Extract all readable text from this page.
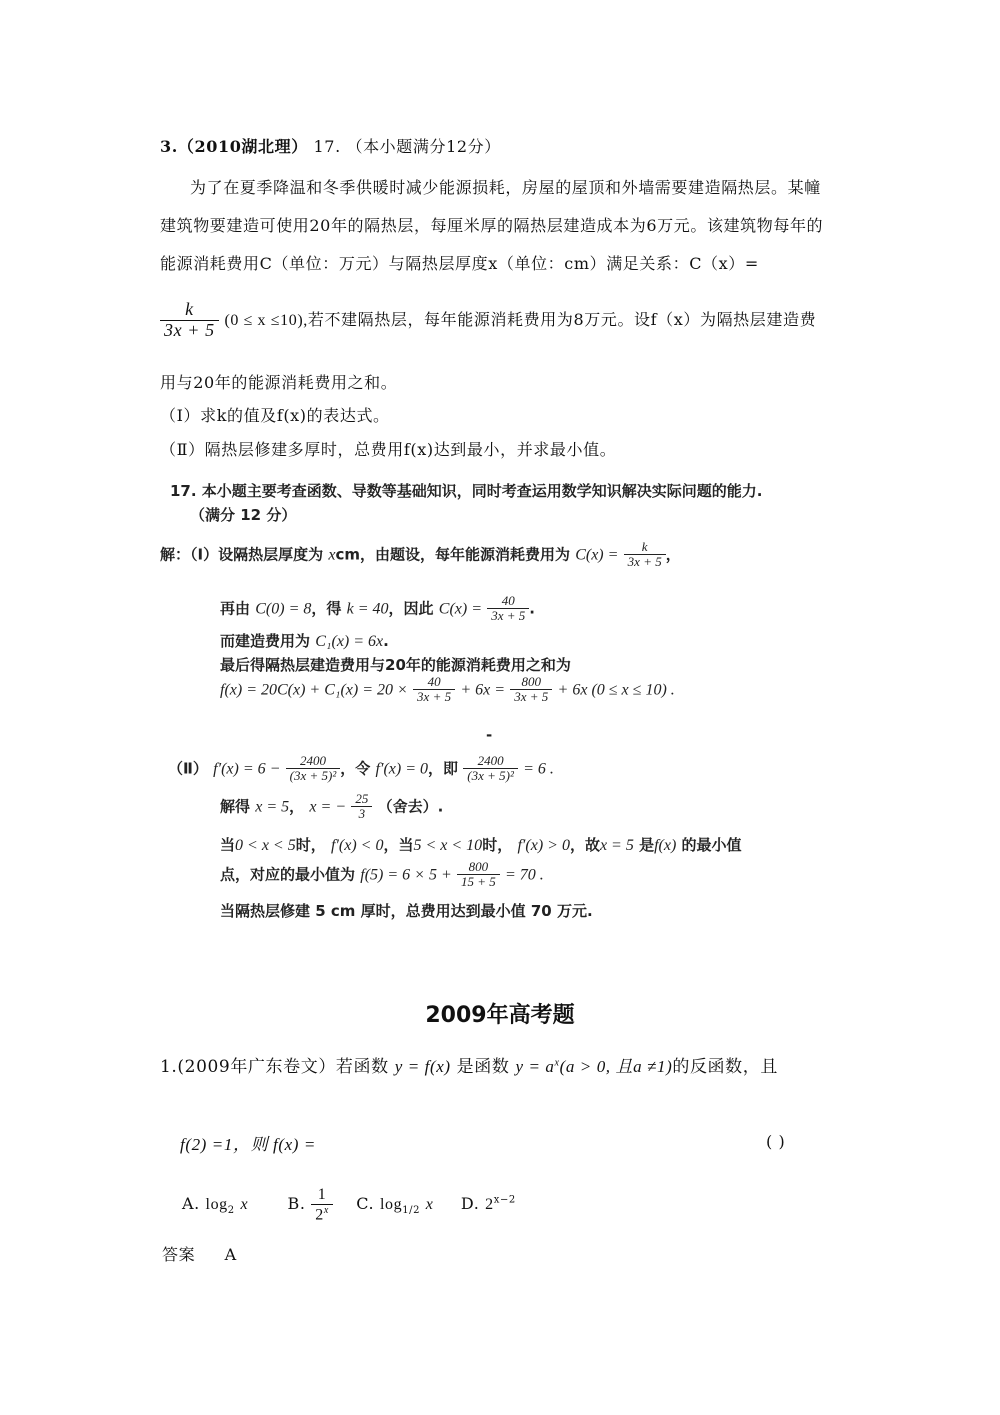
3.（2010湖北理） 17. （本小题满分12分）
为了在夏季降温和冬季供暖时减少能源损耗，房屋的屋顶和外墙需要建造隔热层。某幢
建筑物要建造可使用20年的隔热层，每厘米厚的隔热层建造成本为6万元。该建筑物每年的
能源消耗费用C（单位：万元）与隔热层厚度x（单位：cm）满足关系：C（x）=
$\frac{k}{3x + 5} (0 \le x \le 10)$,若不建隔热层，每年能源消耗费用为8万元。设f（x）为隔热层建造费
用与20年的能源消耗费用之和。
（Ⅰ）求k的值及f(x)的表达式。
（Ⅱ）隔热层修建多厚时，总费用f(x)达到最小，并求最小值。
17. 本小题主要考查函数、导数等基础知识，同时考查运用数学知识解决实际问题的能力.
（满分 12 分）
解：（Ⅰ）设隔热层厚度为 xcm，由题设，每年能源消耗费用为 $C(x) = \frac{k}{3x + 5}$ ，
再由 C(0) = 8，得 k = 40，因此 $C(x) = \frac{40}{3x + 5}$ .
而建造费用为 C₁(x) = 6x.
最后得隔热层建造费用与20年的能源消耗费用之和为
$f(x) = 20C(x) + C_1(x) = 20 \times \frac{40}{3x + 5} + 6x = \frac{800}{3x + 5} + 6x$ (0 ≤ x ≤ 10) .
-
（Ⅱ） $f'(x) = 6 - \frac{2400}{\text{(3x + 5)²}}$ ，令 f′(x) = 0，即 $\frac{2400}{\text{(3x + 5)²}} = 6$ .
解得 x = 5， x = − $\frac{25}{3}$ （舍去）.
当0 < x < 5时， f′(x) < 0，当5 < x < 10时， f′(x) > 0，故x = 5 是f(x) 的最小值
点，对应的最小值为 $f(5) = 6 \times 5 + \frac{800}{15 + 5} = 70$ .
当隔热层修建 5 cm 厚时，总费用达到最小值 70 万元.
2009年高考题
1.(2009年广东卷文）若函数 y = f(x) 是函数 $y = a^x(a > 0$, 且a ≠1)的反函数，且
f(2) =1，则 f(x) =	( )
A. $\log_2 x$ B. $\frac{1}{2^x} C$. $\log_{1/2} x$ D. $2^{x-2}$
答案 A
